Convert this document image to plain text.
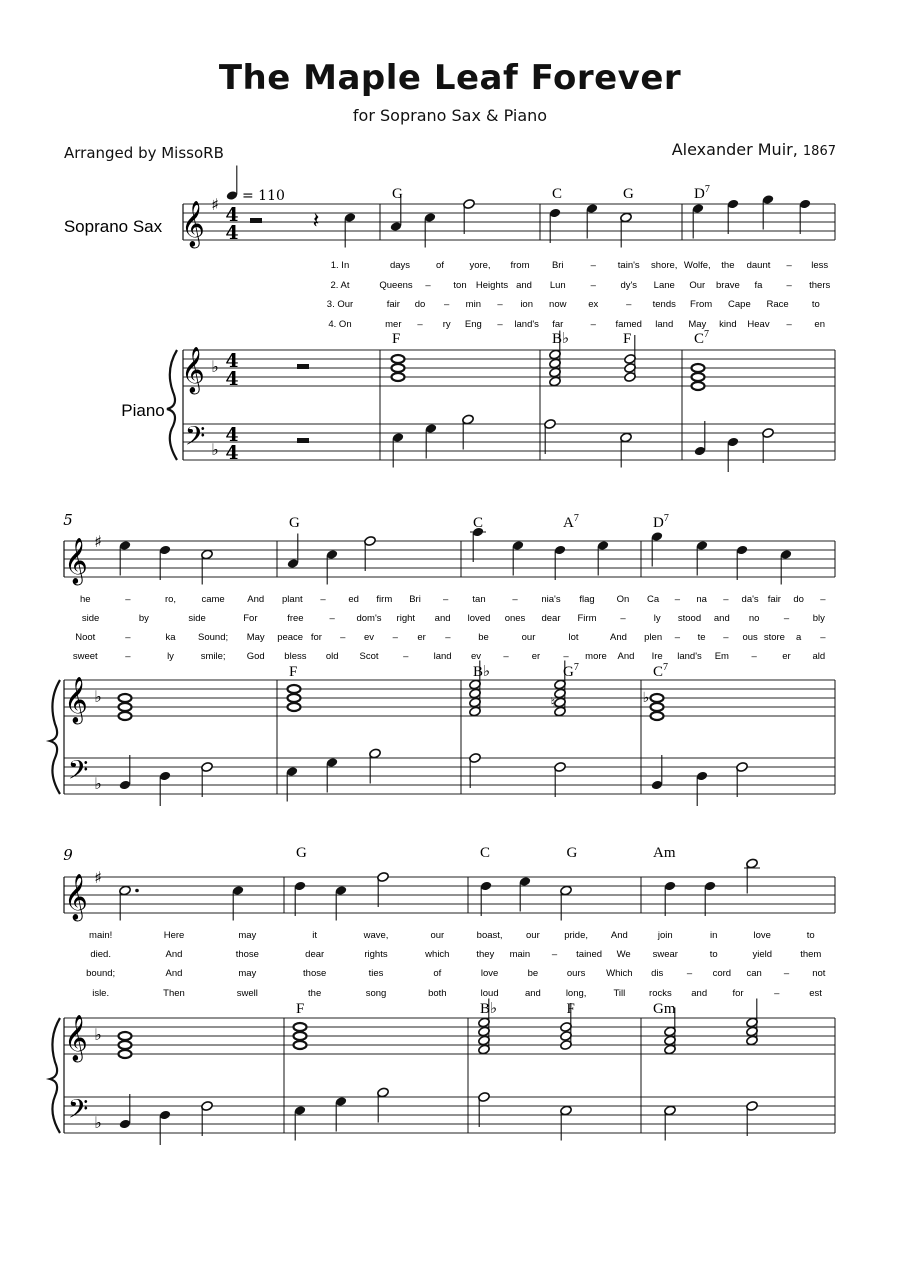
The Maple Leaf Forever
for Soprano Sax & Piano
Arranged by MissoRB	Alexander Muir, 1867
Soprano Sax
Piano
𝄞 ♯ 4
4
𝄞 ♭ 4
4
𝄢 ♭
4
4
= 110
𝄽
G	C	G	$D^7$
F	B♭	F	$C^7$
1. In	days	of	yore, from Bri	– tain's shore, Wolfe, the daunt – less
2. At	Queens – ton Heights and Lun	–	dy's Lane Our brave fa	– thers
3. Our	fair do – min – ion now ex	– tends From Cape Race to
4. On	mer – ry Eng – land's far	– famed land May kind Heav – en
5
𝄞 ♯
𝄞 ♭
𝄢 ♭
♮	♭
G	C	$A^7$	$D^7$
F	B♭	$G^7$	$C^7$
he	–	ro,	came And plant – ed firm Bri –	tan	– nia's flag On Ca – na – da's fair do –
side	by	side	For	free	– dom's right and loved ones dear Firm	–	ly stood and no	– bly
Noot	–	ka Sound; May peace for – ev – er –	be	our	lot	And plen – te – ous store a –
sweet	–	ly	smile; God bless old Scot	–	land ev – er – more And Ire land's Em –	er ald
9
𝄞 ♯
𝄞 ♭
𝄢 ♭
G	C	G	Am
F	B♭	F	Gm
main!	Here	may	it	wave,	our	boast, our	pride, And	join	in	love	to
died.	And	those	dear	rights	which	they main – tained We swear	to	yield	them
bound;	And	may	those	ties	of	love	be	ours Which dis – cord can – not
isle.	Then	swell	the	song	both	loud	and	long,	Till	rocks and	for	–	est
